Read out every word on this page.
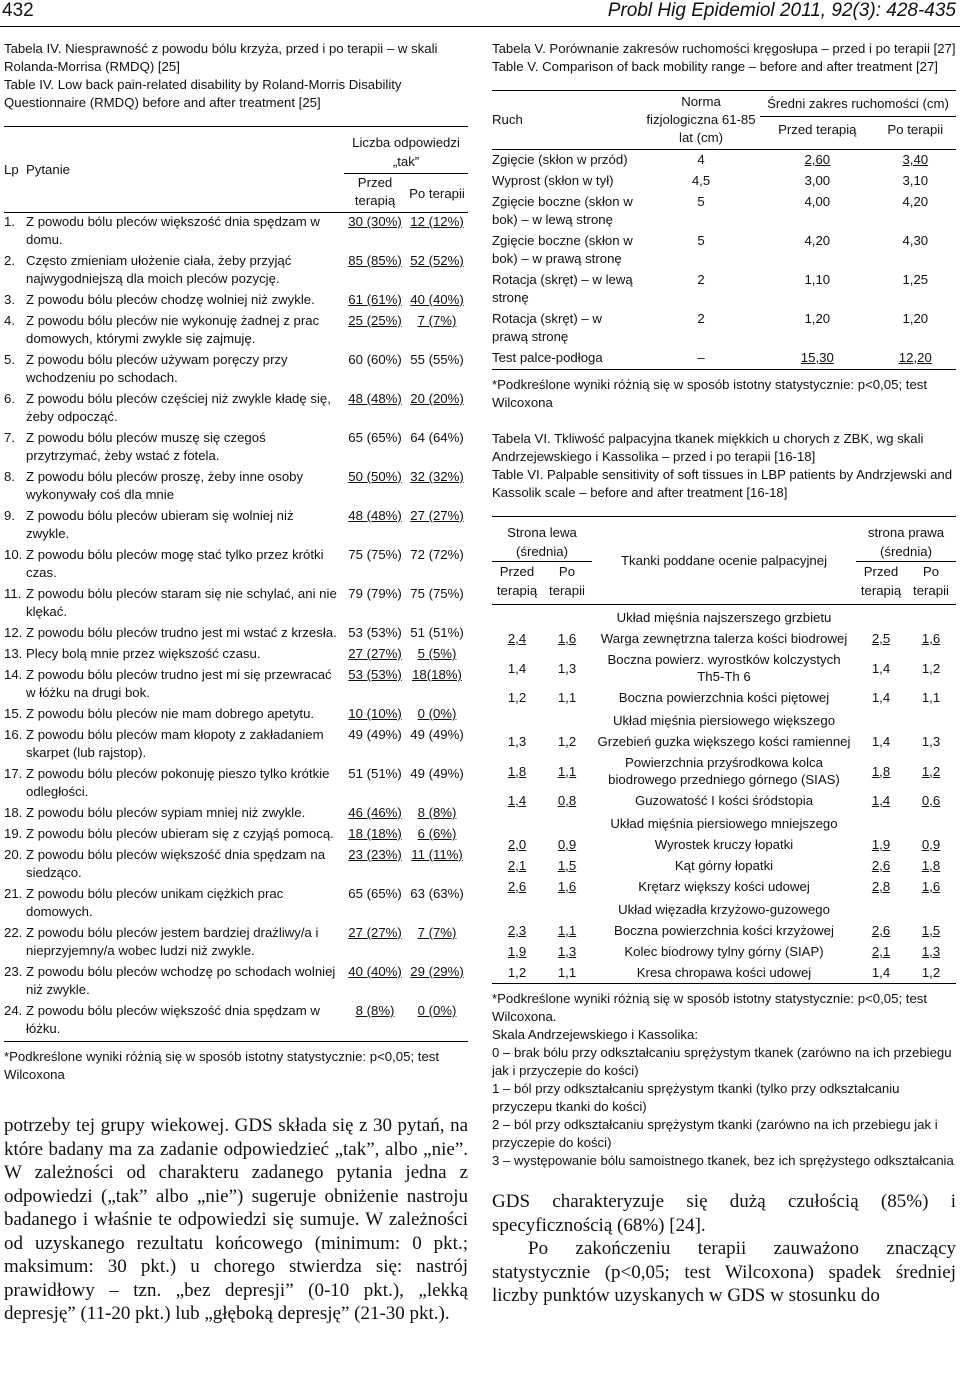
432	Probl Hig Epidemiol 2011, 92(3): 428-435

Tabela IV. Niesprawność z powodu bólu krzyża, przed i po terapii – w skali Rolanda-Morrisa (RMDQ) [25]

Table IV. Low back pain-related disability by Roland-Morris Disability Questionnaire (RMDQ) before and after treatment [25]

Lp	Pytanie	Liczba odpowiedzi „tak”	
		Przed terapią	Po terapii
1.	Z powodu bólu pleców większość dnia spędzam w domu.	30 (30%)	12 (12%)
2.	Często zmieniam ułożenie ciała, żeby przyjąć najwygodniejszą dla moich pleców pozycję.	85 (85%)	52 (52%)
3.	Z powodu bólu pleców chodzę wolniej niż zwykle.	61 (61%)	40 (40%)
4.	Z powodu bólu pleców nie wykonuję żadnej z prac domowych, którymi zwykle się zajmuję.	25 (25%)	7 (7%)
5.	Z powodu bólu pleców używam poręczy przy wchodzeniu po schodach.	60 (60%)	55 (55%)
6.	Z powodu bólu pleców częściej niż zwykle kładę się, żeby odpocząć.	48 (48%)	20 (20%)
7.	Z powodu bólu pleców muszę się czegoś przytrzymać, żeby wstać z fotela.	65 (65%)	64 (64%)
8.	Z powodu bólu pleców proszę, żeby inne osoby wykonywały coś dla mnie	50 (50%)	32 (32%)
9.	Z powodu bólu pleców ubieram się wolniej niż zwykle.	48 (48%)	27 (27%)
10.	Z powodu bólu pleców mogę stać tylko przez krótki czas.	75 (75%)	72 (72%)
11.	Z powodu bólu pleców staram się nie schylać, ani nie klękać.	79 (79%)	75 (75%)
12.	Z powodu bólu pleców trudno jest mi wstać z krzesła.	53 (53%)	51 (51%)
13.	Plecy bolą mnie przez większość czasu.	27 (27%)	5 (5%)
14.	Z powodu bólu pleców trudno jest mi się przewracać w łóżku na drugi bok.	53 (53%)	18(18%)
15.	Z powodu bólu pleców nie mam dobrego apetytu.	10 (10%)	0 (0%)
16.	Z powodu bólu pleców mam kłopoty z zakładaniem skarpet (lub rajstop).	49 (49%)	49 (49%)
17.	Z powodu bólu pleców pokonuję pieszo tylko krótkie odległości.	51 (51%)	49 (49%)
18.	Z powodu bólu pleców sypiam mniej niż zwykle.	46 (46%)	8 (8%)
19.	Z powodu bólu pleców ubieram się z czyjąś pomocą.	18 (18%)	6 (6%)
20.	Z powodu bólu pleców większość dnia spędzam na siedząco.	23 (23%)	11 (11%)
21.	Z powodu bólu pleców unikam ciężkich prac domowych.	65 (65%)	63 (63%)
22.	Z powodu bólu pleców jestem bardziej drażliwy/a i nieprzyjemny/a wobec ludzi niż zwykle.	27 (27%)	7 (7%)
23.	Z powodu bólu pleców wchodzę po schodach wolniej niż zwykle.	40 (40%)	29 (29%)
24.	Z powodu bólu pleców większość dnia spędzam w łóżku.	8 (8%)	0 (0%)
*Podkreślone wyniki różnią się w sposób istotny statystycznie: p<0,05; test Wilcoxona

potrzeby tej grupy wiekowej. GDS składa się z 30 pytań, na które badany ma za zadanie odpowiedzieć „tak”, albo „nie”. W zależności od charakteru zadanego pytania jedna z odpowiedzi („tak” albo „nie”) sugeruje obniżenie nastroju badanego i właśnie te odpowiedzi się sumuje. W zależności od uzyskanego rezultatu końcowego (minimum: 0 pkt.; maksimum: 30 pkt.) u chorego stwierdza się: nastrój prawidłowy – tzn. „bez depresji” (0-10 pkt.), „lekką depresję” (11-20 pkt.) lub „głęboką depresję” (21-30 pkt.).

Tabela V. Porównanie zakresów ruchomości kręgosłupa – przed i po terapii [27]

Table V. Comparison of back mobility range – before and after treatment [27]

Ruch	Norma fizjologiczna 61-85 lat (cm)	Średni zakres ruchomości (cm)	
		Przed terapią	Po terapii
Zgięcie (skłon w przód)	4	2,60	3,40
Wyprost (skłon w tył)	4,5	3,00	3,10
Zgięcie boczne (skłon w bok) – w lewą stronę	5	4,00	4,20
Zgięcie boczne (skłon w bok) – w prawą stronę	5	4,20	4,30
Rotacja (skręt) – w lewą stronę	2	1,10	1,25
Rotacja (skręt) – w prawą stronę	2	1,20	1,20
Test palce-podłoga	–	15,30	12,20
*Podkreślone wyniki różnią się w sposób istotny statystycznie: p<0,05; test Wilcoxona

Tabela VI. Tkliwość palpacyjna tkanek miękkich u chorych z ZBK, wg skali Andrzejewskiego i Kassolika – przed i po terapii [16-18]

Table VI. Palpable sensitivity of soft tissues in LBP patients by Andrzjewski and Kassolik scale – before and after treatment [16-18]

Strona lewa (średnia)		Tkanki poddane ocenie palpacyjnej	strona prawa (średnia)	
Przed terapią	Po terapii		Przed terapią	Po terapii
		Układ mięśnia najszerszego grzbietu		
2,4	1,6	Warga zewnętrzna talerza kości biodrowej	2,5	1,6
1,4	1,3	Boczna powierz. wyrostków kolczystych Th5-Th 6	1,4	1,2
1,2	1,1	Boczna powierzchnia kości piętowej	1,4	1,1
		Układ mięśnia piersiowego większego		
1,3	1,2	Grzebień guzka większego kości ramiennej	1,4	1,3
1,8	1,1	Powierzchnia przyśrodkowa kolca biodrowego przedniego górnego (SIAS)	1,8	1,2
1,4	0,8	Guzowatość I kości śródstopia	1,4	0,6
		Układ mięśnia piersiowego mniejszego		
2,0	0,9	Wyrostek kruczy łopatki	1,9	0,9
2,1	1,5	Kąt górny łopatki	2,6	1,8
2,6	1,6	Krętarz większy kości udowej	2,8	1,6
		Układ więzadła krzyżowo-guzowego		
2,3	1,1	Boczna powierzchnia kości krzyżowej	2,6	1,5
1,9	1,3	Kolec biodrowy tylny górny (SIAP)	2,1	1,3
1,2	1,1	Kresa chropawa kości udowej	1,4	1,2
*Podkreślone wyniki różnią się w sposób istotny statystycznie: p<0,05; test Wilcoxona.

Skala Andrzejewskiego i Kassolika:

0 – brak bólu przy odkształcaniu sprężystym tkanek (zarówno na ich przebiegu jak i przyczepie do kości)

1 – ból przy odkształcaniu sprężystym tkanki (tylko przy odkształcaniu przyczepu tkanki do kości)

2 – ból przy odkształcaniu sprężystym tkanki (zarówno na ich przebiegu jak i przyczepie do kości)

3 – występowanie bólu samoistnego tkanek, bez ich sprężystego odkształcania

GDS charakteryzuje się dużą czułością (85%) i specyficznością (68%) [24].

Po zakończeniu terapii zauważono znaczący statystycznie (p<0,05; test Wilcoxona) spadek średniej liczby punktów uzyskanych w GDS w stosunku do
